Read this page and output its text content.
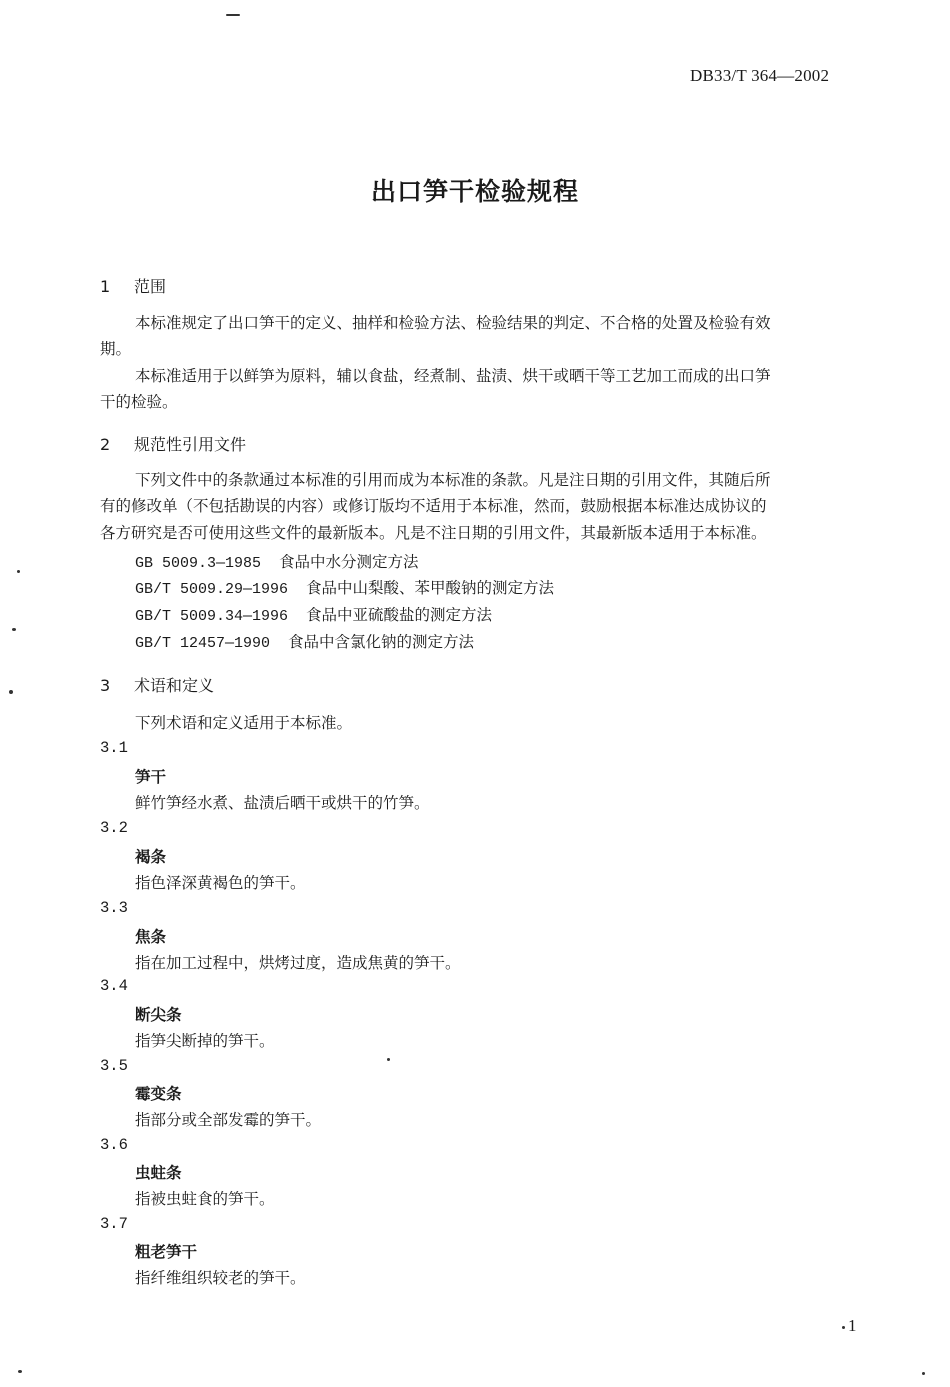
DB33/T 364—2002
出口笋干检验规程
1 范围
本标准规定了出口笋干的定义、抽样和检验方法、检验结果的判定、不合格的处置及检验有效
期。
本标准适用于以鲜笋为原料，辅以食盐，经煮制、盐渍、烘干或晒干等工艺加工而成的出口笋
干的检验。
2 规范性引用文件
下列文件中的条款通过本标准的引用而成为本标准的条款。凡是注日期的引用文件，其随后所
有的修改单（不包括勘误的内容）或修订版均不适用于本标准，然而，鼓励根据本标准达成协议的
各方研究是否可使用这些文件的最新版本。凡是不注日期的引用文件，其最新版本适用于本标准。
GB 5009.3—1985 食品中水分测定方法
GB/T 5009.29—1996 食品中山梨酸、苯甲酸钠的测定方法
GB/T 5009.34—1996 食品中亚硫酸盐的测定方法
GB/T 12457—1990 食品中含氯化钠的测定方法
3 术语和定义
下列术语和定义适用于本标准。
3.1
笋干
鲜竹笋经水煮、盐渍后晒干或烘干的竹笋。
3.2
褐条
指色泽深黄褐色的笋干。
3.3
焦条
指在加工过程中，烘烤过度，造成焦黄的笋干。
3.4
断尖条
指笋尖断掉的笋干。
3.5
霉变条
指部分或全部发霉的笋干。
3.6
虫蛀条
指被虫蛀食的笋干。
3.7
粗老笋干
指纤维组织较老的笋干。
1
